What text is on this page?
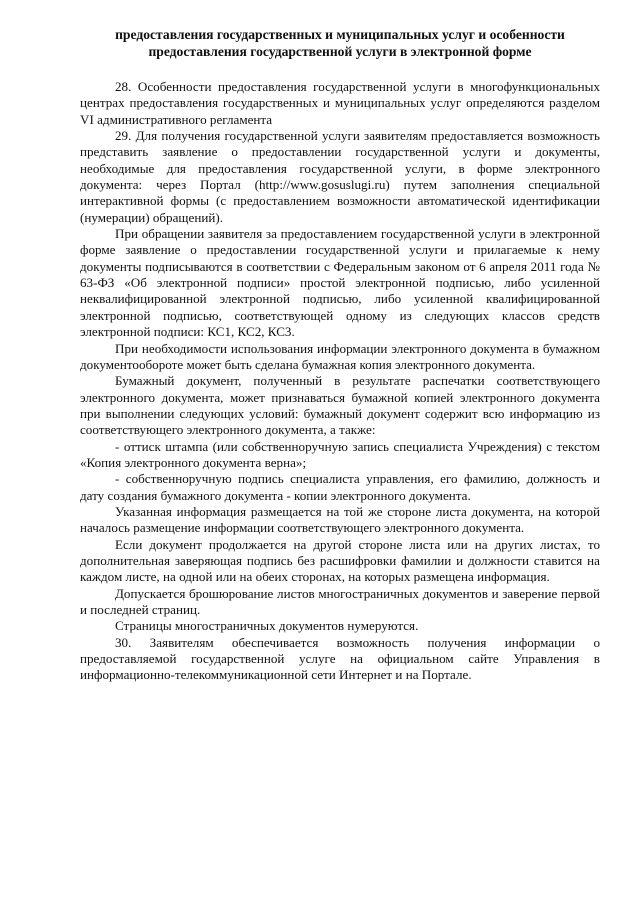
предоставления государственных и муниципальных услуг и особенности
предоставления государственной услуги в электронной форме

28. Особенности предоставления государственной услуги в многофункциональных центрах предоставления государственных и муниципальных услуг определяются разделом VI административного регламента

29. Для получения государственной услуги заявителям предоставляется возможность представить заявление о предоставлении государственной услуги и документы, необходимые для предоставления государственной услуги, в форме электронного документа: через Портал (http://www.gosuslugi.ru) путем заполнения специальной интерактивной формы (с предоставлением возможности автоматической идентификации (нумерации) обращений).

При обращении заявителя за предоставлением государственной услуги в электронной форме заявление о предоставлении государственной услуги и прилагаемые к нему документы подписываются в соответствии с Федеральным законом от 6 апреля 2011 года № 63-ФЗ «Об электронной подписи» простой электронной подписью, либо усиленной неквалифицированной электронной подписью, либо усиленной квалифицированной электронной подписью, соответствующей одному из следующих классов средств электронной подписи: КС1, КС2, КС3.

При необходимости использования информации электронного документа в бумажном документообороте может быть сделана бумажная копия электронного документа.

Бумажный документ, полученный в результате распечатки соответствующего электронного документа, может признаваться бумажной копией электронного документа при выполнении следующих условий: бумажный документ содержит всю информацию из соответствующего электронного документа, а также:

- оттиск штампа (или собственноручную запись специалиста Учреждения) с текстом «Копия электронного документа верна»;

- собственноручную подпись специалиста управления, его фамилию, должность и дату создания бумажного документа - копии электронного документа.

Указанная информация размещается на той же стороне листа документа, на которой началось размещение информации соответствующего электронного документа.

Если документ продолжается на другой стороне листа или на других листах, то дополнительная заверяющая подпись без расшифровки фамилии и должности ставится на каждом листе, на одной или на обеих сторонах, на которых размещена информация.

Допускается брошюрование листов многостраничных документов и заверение первой и последней страниц.

Страницы многостраничных документов нумеруются.

30. Заявителям обеспечивается возможность получения информации о предоставляемой государственной услуге на официальном сайте Управления в информационно-телекоммуникационной сети Интернет и на Портале.
